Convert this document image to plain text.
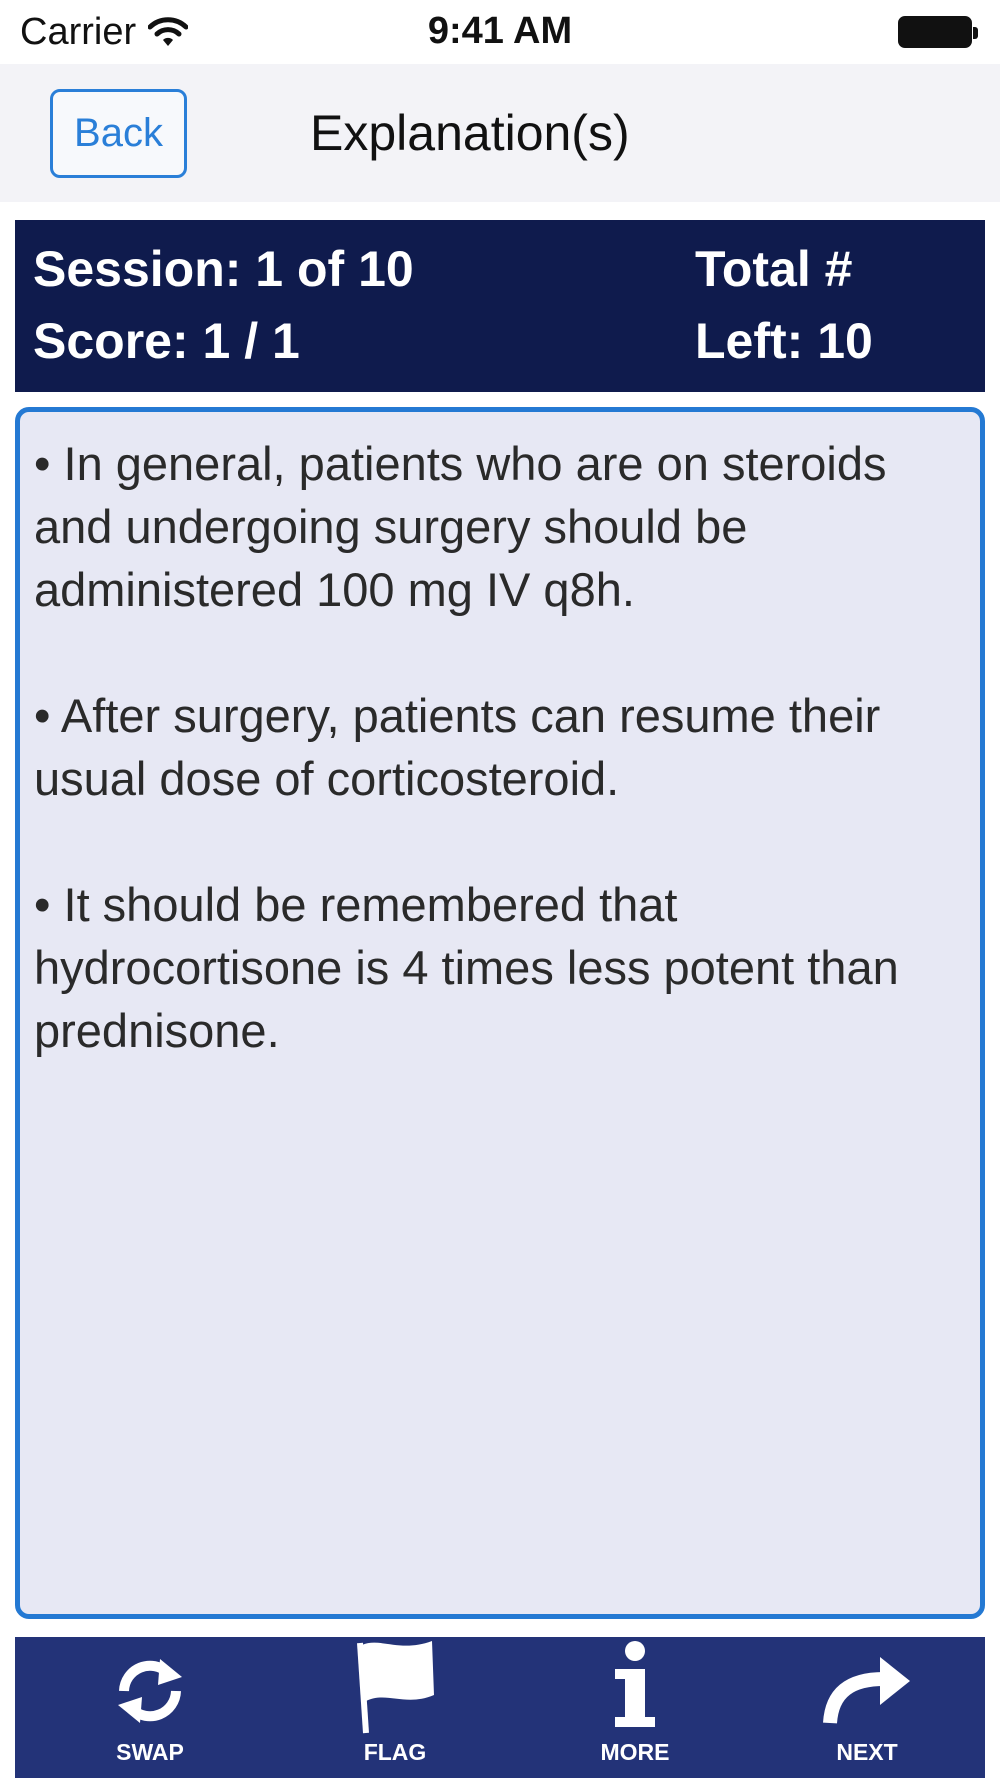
Carrier	9:41 AM
Back	Explanation(s)
Session: 1 of 10
Score: 1 / 1
Total #
Left: 10
• In general, patients who are on steroids and undergoing surgery should be administered 100 mg IV q8h.
• After surgery, patients can resume their usual dose of corticosteroid.
• It should be remembered that hydrocortisone is 4 times less potent than prednisone.
SWAP	FLAG	MORE	NEXT
